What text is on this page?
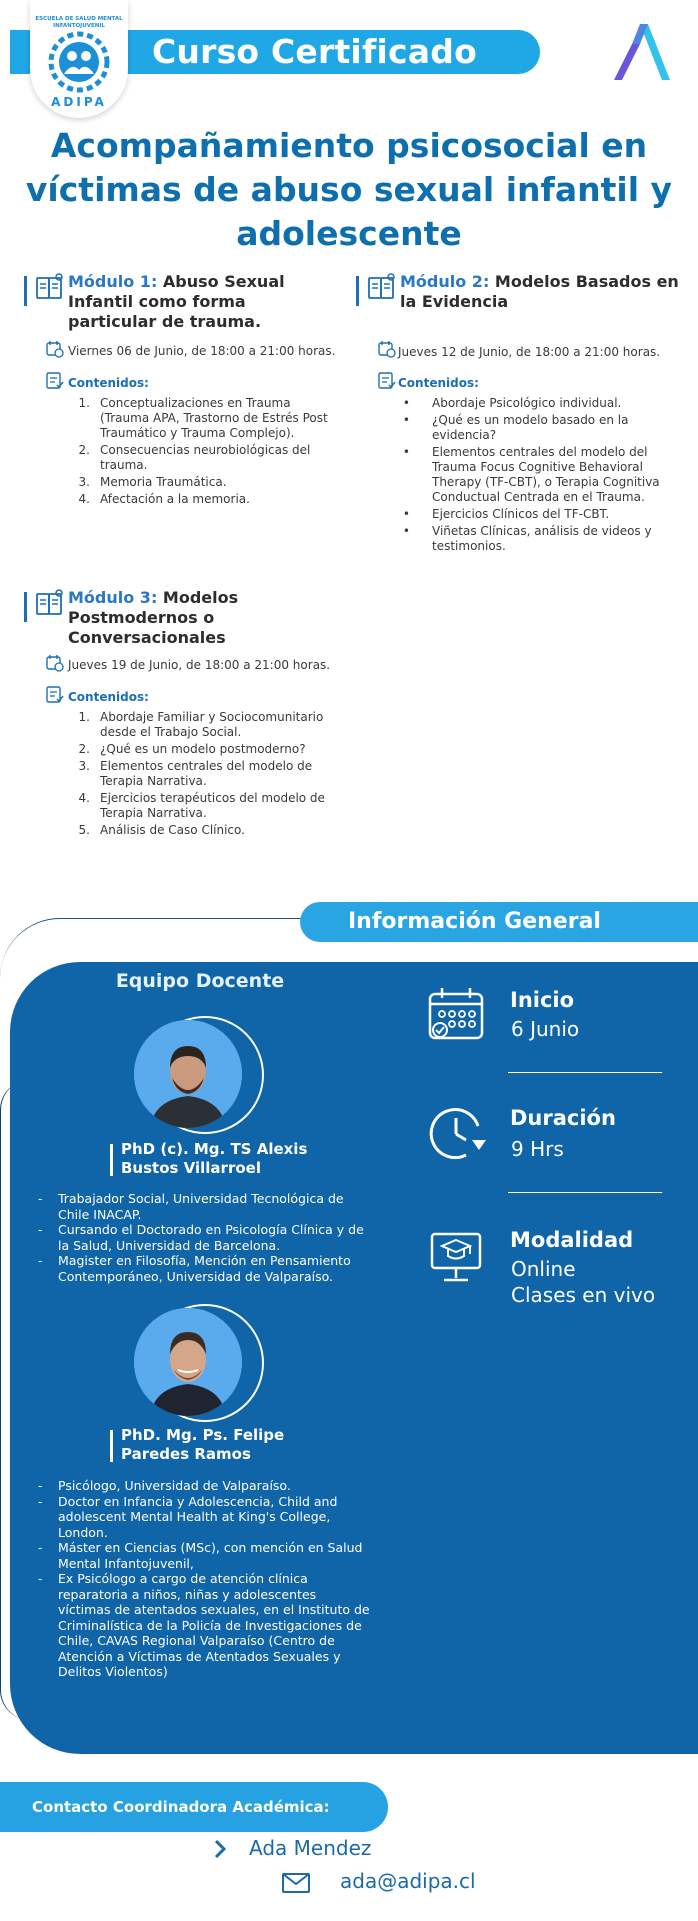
Curso Certificado
ESCUELA DE SALUD MENTAL
INFANTOJUVENIL
ADIPA
Acompañamiento psicosocial en
víctimas de abuso sexual infantil y
adolescente
Módulo 1: Abuso Sexual
Infantil como forma
particular de trauma.
Viernes 06 de Junio, de 18:00 a 21:00 horas.
Contenidos:
1. Conceptualizaciones en Trauma
(Trauma APA, Trastorno de Estrés Post
Traumático y Trauma Complejo).
2. Consecuencias neurobiológicas del
trauma.
3. Memoria Traumática.
4. Afectación a la memoria.
Módulo 2: Modelos Basados en
la Evidencia
Jueves 12 de Junio, de 18:00 a 21:00 horas.
Contenidos:
• Abordaje Psicológico individual.
• ¿Qué es un modelo basado en la
evidencia?
• Elementos centrales del modelo del
Trauma Focus Cognitive Behavioral
Therapy (TF-CBT), o Terapia Cognitiva
Conductual Centrada en el Trauma.
• Ejercicios Clínicos del TF-CBT.
• Viñetas Clínicas, análisis de videos y
testimonios.
Módulo 3: Modelos
Postmodernos o
Conversacionales
Jueves 19 de Junio, de 18:00 a 21:00 horas.
Contenidos:
1. Abordaje Familiar y Sociocomunitario
desde el Trabajo Social.
2. ¿Qué es un modelo postmoderno?
3. Elementos centrales del modelo de
Terapia Narrativa.
4. Ejercicios terapéuticos del modelo de
Terapia Narrativa.
5. Análisis de Caso Clínico.
Información General
Equipo Docente
PhD (c). Mg. TS Alexis
Bustos Villarroel
- Trabajador Social, Universidad Tecnológica de
Chile INACAP.
- Cursando el Doctorado en Psicología Clínica y de
la Salud, Universidad de Barcelona.
- Magister en Filosofía, Mención en Pensamiento
Contemporáneo, Universidad de Valparaíso.
PhD. Mg. Ps. Felipe
Paredes Ramos
- Psicólogo, Universidad de Valparaíso.
- Doctor en Infancia y Adolescencia, Child and
adolescent Mental Health at King's College,
London.
- Máster en Ciencias (MSc), con mención en Salud
Mental Infantojuvenil,
- Ex Psicólogo a cargo de atención clínica
reparatoria a niños, niñas y adolescentes
víctimas de atentados sexuales, en el Instituto de
Criminalística de la Policía de Investigaciones de
Chile, CAVAS Regional Valparaíso (Centro de
Atención a Víctimas de Atentados Sexuales y
Delitos Violentos)
Inicio
6 Junio
Duración
9 Hrs
Modalidad
Online
Clases en vivo
Contacto Coordinadora Académica:
Ada Mendez
ada@adipa.cl
